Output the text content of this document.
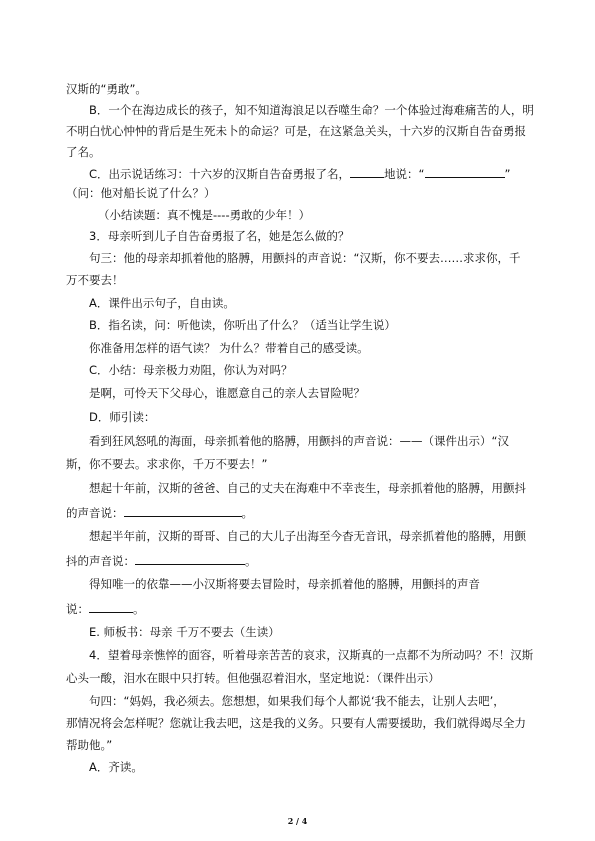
汉斯的“勇敢”。
B．一个在海边成长的孩子，知不知道海浪足以吞噬生命？一个体验过海难痛苦的人，明
不明白忧心忡忡的背后是生死未卜的命运？可是，在这紧急关头，十六岁的汉斯自告奋勇报
了名。
C．出示说话练习：十六岁的汉斯自告奋勇报了名，	地说：“	”
（问：他对船长说了什么？）
（小结读题：真不愧是----勇敢的少年！）
3．母亲听到儿子自告奋勇报了名，她是怎么做的？
句三：他的母亲却抓着他的胳膊，用颤抖的声音说：“汉斯，你不要去……求求你，千
万不要去！
A．课件出示句子，自由读。
B．指名读，问：听他读，你听出了什么？（适当让学生说）
你准备用怎样的语气读？ 为什么？带着自己的感受读。
C．小结：母亲极力劝阻，你认为对吗？
是啊，可怜天下父母心，谁愿意自己的亲人去冒险呢？
D．师引读：
看到狂风怒吼的海面，母亲抓着他的胳膊，用颤抖的声音说：——（课件出示）“汉
斯，你不要去。求求你，千万不要去！”
想起十年前，汉斯的爸爸、自己的丈夫在海难中不幸丧生，母亲抓着他的胳膊，用颤抖
的声音说：	。
想起半年前，汉斯的哥哥、自己的大儿子出海至今杳无音讯，母亲抓着他的胳膊，用颤
抖的声音说：	。
得知唯一的依靠——小汉斯将要去冒险时，母亲抓着他的胳膊，用颤抖的声音
说：	。
E. 师板书：母亲 千万不要去（生读）
4．望着母亲憔悴的面容，听着母亲苦苦的哀求，汉斯真的一点都不为所动吗？不！汉斯
心头一酸，泪水在眼中只打转。但他强忍着泪水，坚定地说：（课件出示）
句四：“妈妈，我必须去。您想想，如果我们每个人都说‘我不能去，让别人去吧’，
那情况将会怎样呢？您就让我去吧，这是我的义务。只要有人需要援助，我们就得竭尽全力
帮助他。”
A．齐读。
2 / 4
